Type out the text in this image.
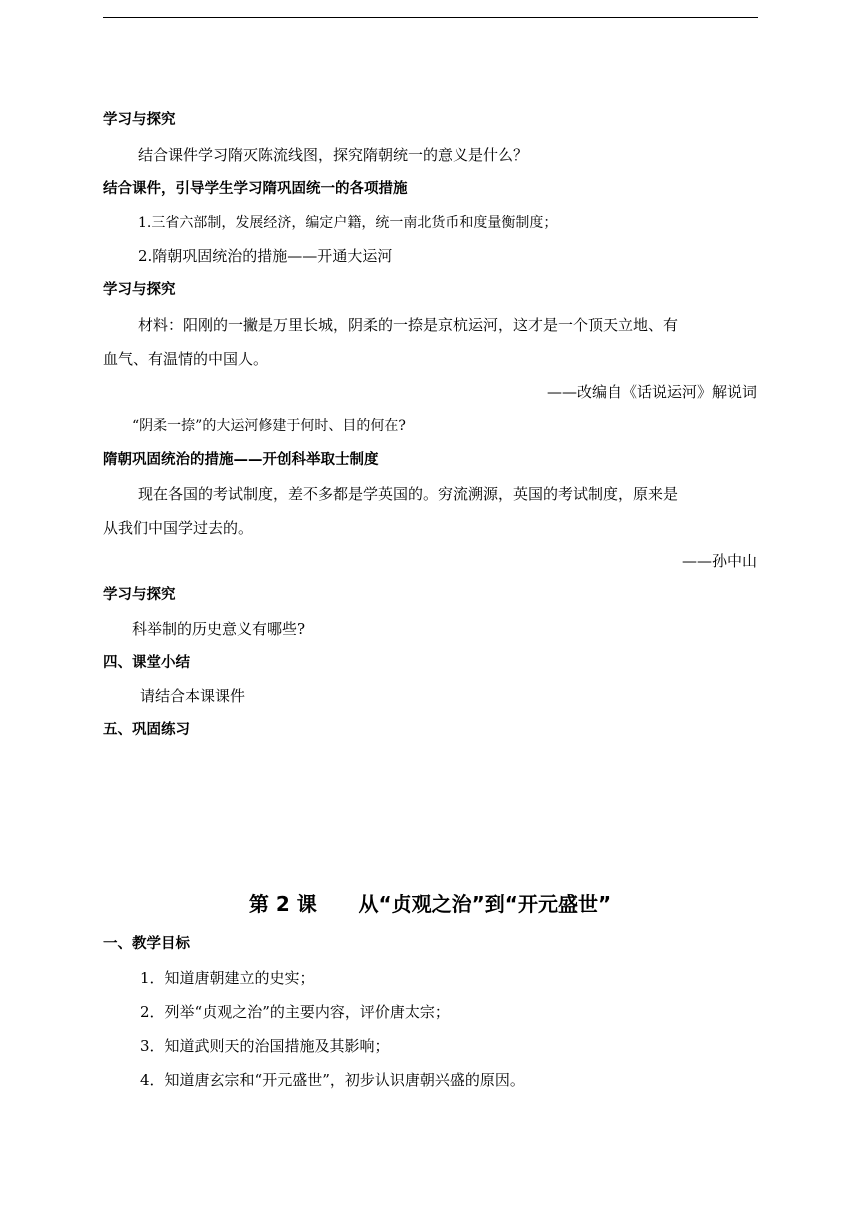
学习与探究
结合课件学习隋灭陈流线图，探究隋朝统一的意义是什么？
结合课件，引导学生学习隋巩固统一的各项措施
1.三省六部制，发展经济，编定户籍，统一南北货币和度量衡制度；
2.隋朝巩固统治的措施——开通大运河
学习与探究
材料：阳刚的一撇是万里长城，阴柔的一捺是京杭运河，这才是一个顶天立地、有
血气、有温情的中国人。
——改编自《话说运河》解说词
“阴柔一捺”的大运河修建于何时、目的何在?
隋朝巩固统治的措施——开创科举取士制度
现在各国的考试制度，差不多都是学英国的。穷流溯源，英国的考试制度，原来是
从我们中国学过去的。
——孙中山
学习与探究
科举制的历史意义有哪些?
四、课堂小结
请结合本课课件
五、巩固练习
第 2 课      从“贞观之治”到“开元盛世”
一、教学目标
1．知道唐朝建立的史实；
2．列举“贞观之治”的主要内容，评价唐太宗；
3．知道武则天的治国措施及其影响；
4．知道唐玄宗和“开元盛世”，初步认识唐朝兴盛的原因。
